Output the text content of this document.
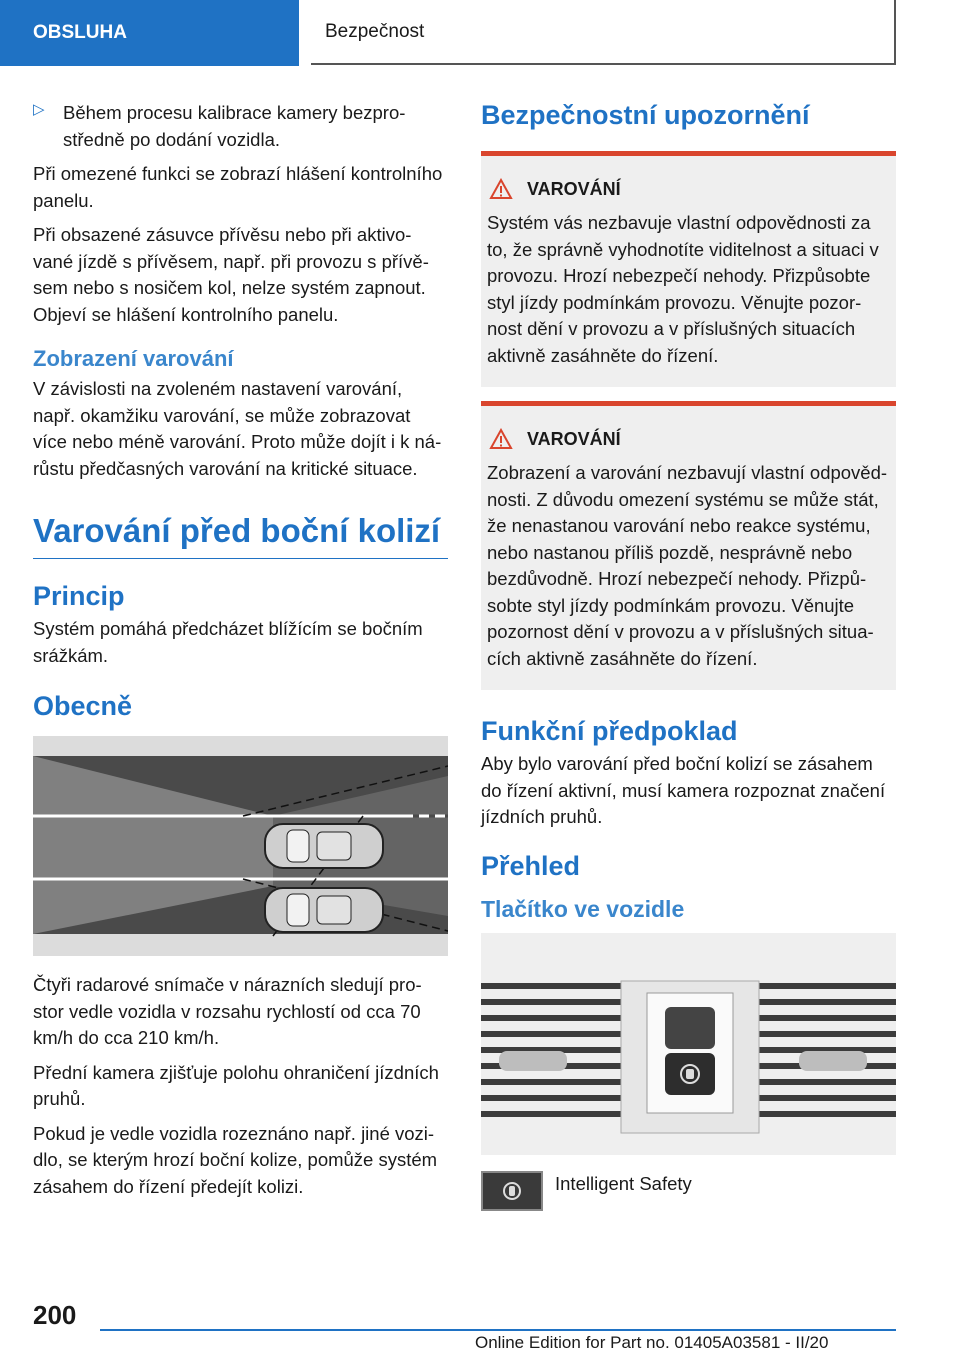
OBSLUHA	Bezpečnost
▷ Během procesu kalibrace kamery bezpro-středně po dodání vozidla.

Při omezené funkci se zobrazí hlášení kontrolního panelu.

Při obsazené zásuvce přívěsu nebo při aktivo-vané jízdě s přívěsem, např. při provozu s přívě-sem nebo s nosičem kol, nelze systém zapnout. Objeví se hlášení kontrolního panelu.

Zobrazení varování

V závislosti na zvoleném nastavení varování, např. okamžiku varování, se může zobrazovat více nebo méně varování. Proto může dojít i k ná-růstu předčasných varování na kritické situace.

Varování před boční kolizí
Princip

Systém pomáhá předcházet blížícím se bočním srážkám.

Obecně

Čtyři radarové snímače v nárazních sledují pro-stor vedle vozidla v rozsahu rychlostí od cca 70 km/h do cca 210 km/h.

Přední kamera zjišťuje polohu ohraničení jízdních pruhů.

Pokud je vedle vozidla rozeznáno např. jiné vozi-dlo, se kterým hrozí boční kolize, pomůže systém zásahem do řízení předejít kolizi.

Bezpečnostní upozornění
VAROVÁNÍ

Systém vás nezbavuje vlastní odpovědnosti za to, že správně vyhodnotíte viditelnost a situaci v provozu. Hrozí nebezpečí nehody. Přizpůsobte styl jízdy podmínkám provozu. Věnujte pozor-nost dění v provozu a v příslušných situacích aktivně zasáhněte do řízení.

VAROVÁNÍ

Zobrazení a varování nezbavují vlastní odpověd-nosti. Z důvodu omezení systému se může stát, že nenastanou varování nebo reakce systému, nebo nastanou příliš pozdě, nesprávně nebo bezdůvodně. Hrozí nebezpečí nehody. Přizpů-sobte styl jízdy podmínkám provozu. Věnujte pozornost dění v provozu a v příslušných situa-cích aktivně zasáhněte do řízení.

Funkční předpoklad

Aby bylo varování před boční kolizí se zásahem do řízení aktivní, musí kamera rozpoznat značení jízdních pruhů.

Přehled
Tlačítko ve vozidle

Intelligent Safety

200
Online Edition for Part no. 01405A03581 - II/20
